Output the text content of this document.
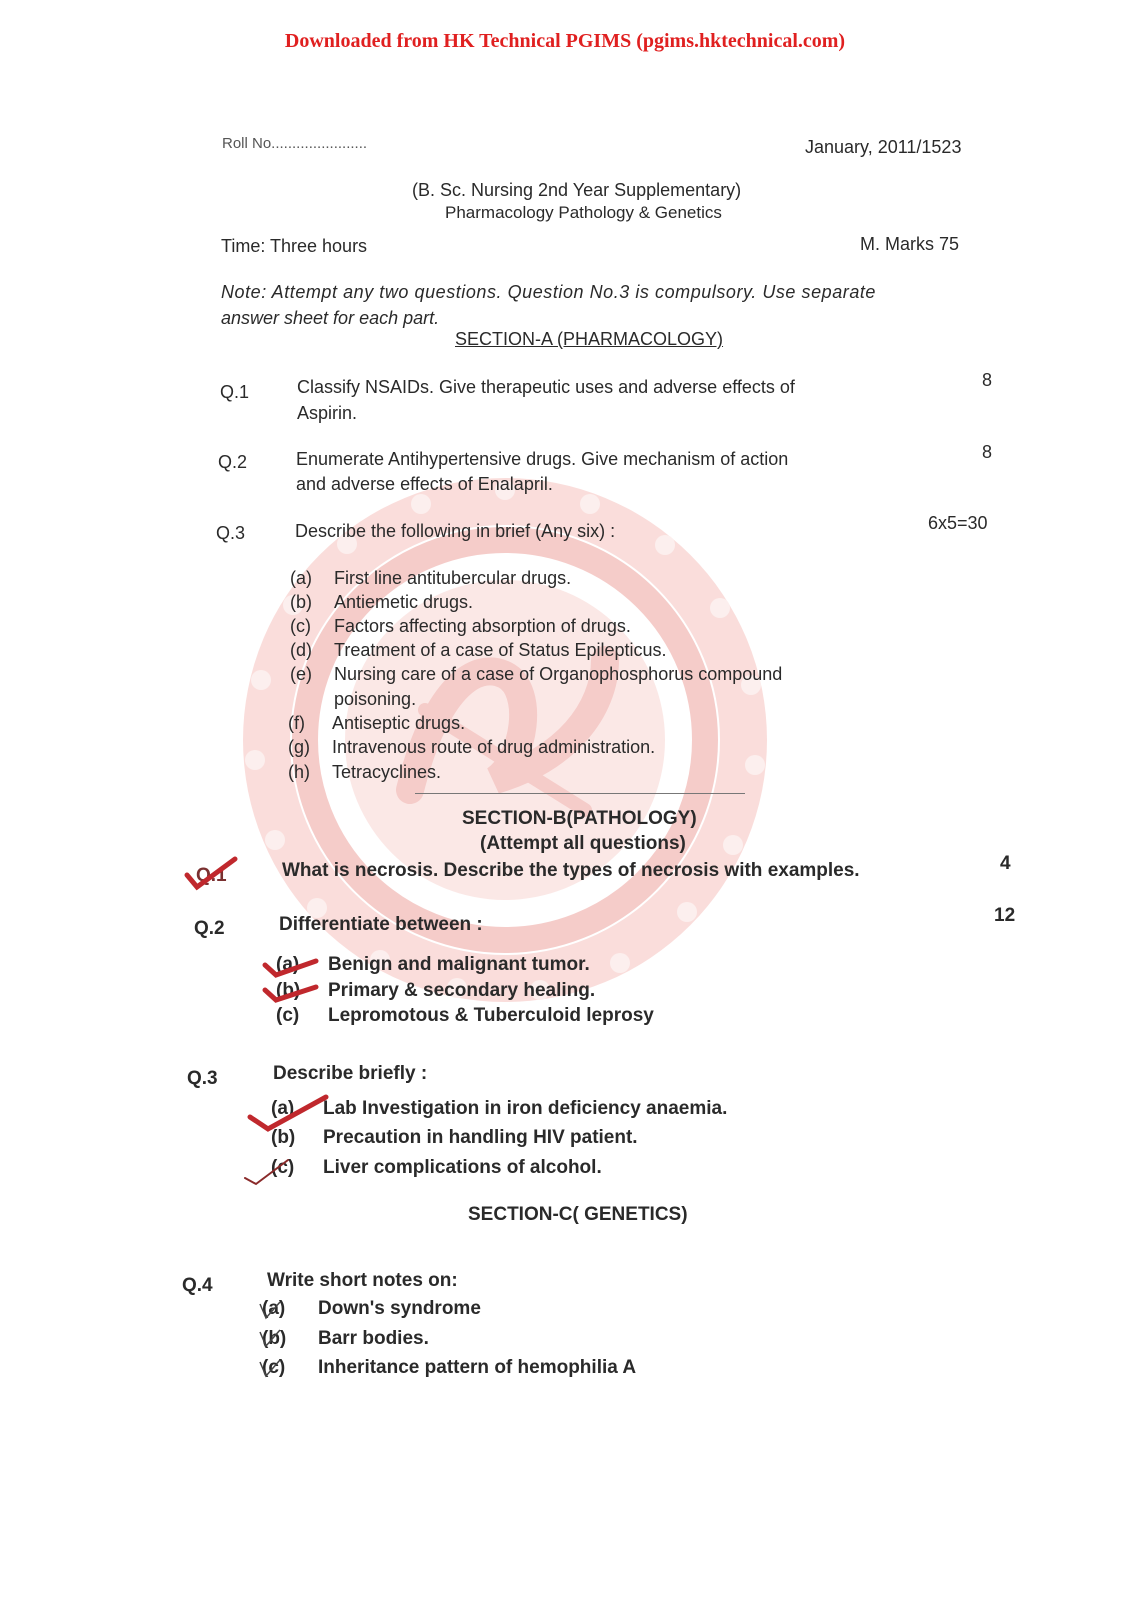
Downloaded from HK Technical PGIMS (pgims.hktechnical.com)
Roll No.......................	January, 2011/1523
(B. Sc. Nursing 2nd Year Supplementary)
Pharmacology Pathology & Genetics
Time: Three hours	M. Marks 75
Note: Attempt any two questions. Question No.3 is compulsory. Use separate
answer sheet for each part.
SECTION-A (PHARMACOLOGY)
Q.1	Classify NSAIDs. Give therapeutic uses and adverse effects of
Aspirin.
8
Q.2	Enumerate Antihypertensive drugs. Give mechanism of action
and adverse effects of Enalapril.
8
Q.3	Describe the following in brief (Any six) :	6x5=30
(a) First line antitubercular drugs.
(b) Antiemetic drugs.
(c) Factors affecting absorption of drugs.
(d) Treatment of a case of Status Epilepticus.
(e) Nursing care of a case of Organophosphorus compound
poisoning.
(f) Antiseptic drugs.
(g) Intravenous route of drug administration.
(h) Tetracyclines.
SECTION-B(PATHOLOGY)
(Attempt all questions)
Q.1	What is necrosis. Describe the types of necrosis with examples.	4
Q.2	Differentiate between :	12
(a) Benign and malignant tumor.
(b) Primary & secondary healing.
(c) Lepromotous & Tuberculoid leprosy
Q.3	Describe briefly :
(a) Lab Investigation in iron deficiency anaemia.
(b) Precaution in handling HIV patient.
(c) Liver complications of alcohol.
SECTION-C( GENETICS)
Q.4	Write short notes on:
(a) Down's syndrome
(b) Barr bodies.
(c) Inheritance pattern of hemophilia A
